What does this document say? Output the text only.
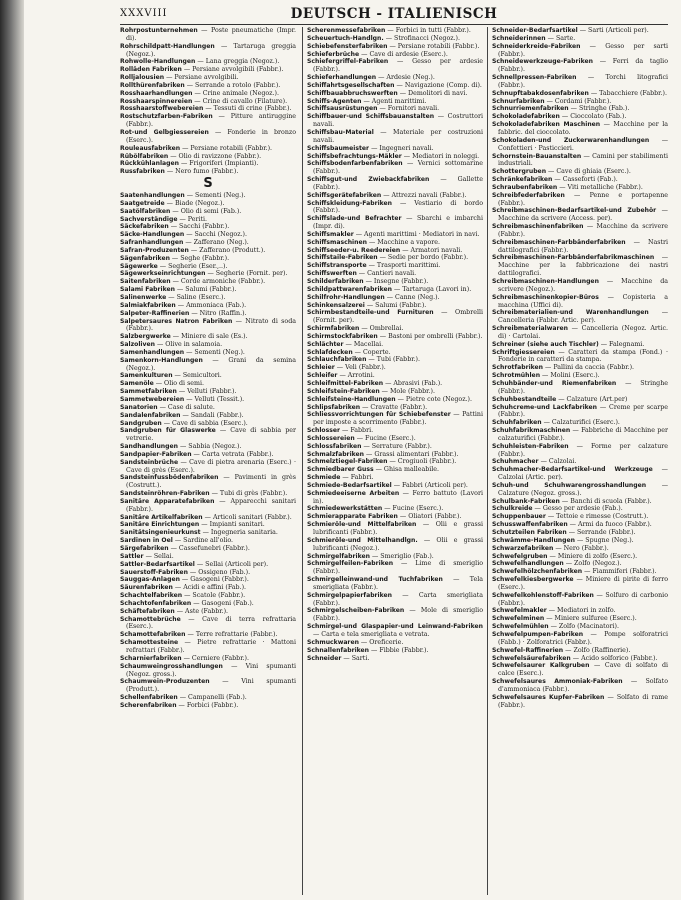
XXXVIII	DEUTSCH - ITALIENISCH
Rohrpostunternehmen — Poste pneumatiche (Impr. di).
Rohrschildpatt-Handlungen — Tartaruga greggia (Negoz.).
Rohwolle-Handlungen — Lana greggia (Negoz.).
Rolläden Fabriken — Persiane avvolgibili (Fabbr.).
Rolljalousien — Persiane avvolgibili.
Rollthürenfabriken — Serrande a rotolo (Fabbr.).
Rosshaarhandlungen — Crine animale (Negoz.).
Rosshaarspinnereien — Crine di cavallo (Filature).
Rosshaarstoffwebereien — Tessuti di crine (Fabbr.).
Rostschutzfarben-Fabriken — Pitture antiruggine (Fabbr.).
Rot-und Gelbgiessereien — Fonderie in bronzo (Eserc.).
Rouleausfabriken — Persiane rotabili (Fabbr.).
Rübölfabriken — Olio di ravizzone (Fabbr.).
Rückkühlanlagen — Frigoriferi (Impianti).
Russfabriken — Nero fumo (Fabbr.).
S
Saatenhandlungen — Sementi (Neg.).
Saatgetreide — Biade (Negoz.).
Saatölfabriken — Olio di semi (Fab.).
Sachverständige — Periti.
Säckefabriken — Sacchi (Fabbr.).
Säcke-Handlungen — Sacchi (Negoz.).
Safranhandlungen — Zafferano (Neg.).
Safran-Produzenten — Zafferano (Produtt.).
Sägenfabriken — Seghe (Fabbr.).
Sägewerke — Segherie (Eser.,..).
Sägewerkseinrichtungen — Segherie (Fornit. per).
Saitenfabriken — Corde armoniche (Fabbr.).
Salami Fabriken — Salumi (Fabbr.).
Salinenwerke — Saline (Eserc.).
Salmiakfabriken — Ammoniaca (Fab.).
Salpeter-Raffinerien — Nitro (Raffin.).
Salpetersaures Natron Fabriken — Nitrato di soda (Fabbr.).
Salzbergwerke — Miniere di sale (Es.).
Salzoliven — Olive in salamoia.
Samenhandlungen — Sementi (Neg.).
Samenkorn-Handlungen — Grani da semina (Negoz.).
Samenkulturen — Semicultori.
Samenöle — Olio di semi.
Sammetfabriken — Velluti (Fabbr.).
Sammetwebereien — Velluti (Tessit.).
Sanatorien — Case di salute.
Sandalenfabriken — Sandali (Fabbr.).
Sandgruben — Cave di sabbia (Eserc.).
Sandgruben für Glaswerke — Cave di sabbia per vetrerie.
Sandhandlungen — Sabbia (Negoz.).
Sandpapier-Fabriken — Carta vetrata (Fabbr.).
Sandsteinbrüche — Cave di pietra arenaria (Eserc.) · Cave di grès (Eserc.).
Sandsteinfussbödenfabriken — Pavimenti in grès (Costrutt.).
Sandsteinröhren-Fabriken — Tubi di grès (Fabbr.).
Sanitäre Apparatefabriken — Apparecchi sanitari (Fabbr.).
Sanitäre Artikelfabriken — Articoli sanitari (Fabbr.).
Sanitäre Einrichtungen — Impianti sanitari.
Sanitätsingenieurkunst — Ingegneria sanitaria.
Sardinen in Oel — Sardine all'olio.
Särgefabriken — Cassefunebri (Fabbr.).
Sattler — Sellai.
Sattler-Bedarfsartikel — Sellai (Articoli per).
Sauerstoff-Fabriken — Ossigeno (Fab.).
Sauggas-Anlagen — Gasogeni (Fabbr.).
Säurenfabriken — Acidi e affini (Fab.).
Schachtelfabriken — Scatole (Fabbr.).
Schachtofenfabriken — Gasogeni (Fab.).
Schäftefabriken — Aste (Fabbr.).
Schamottebrüche — Cave di terra refrattaria (Eserc.).
Schamottefabriken — Terre refrattarie (Fabbr.).
Schamottesteine — Pietre refrattarie · Mattoni refrattari (Fabbr.).
Scharnierfabriken — Cerniere (Fabbr.).
Schaumweingrosshandlungen — Vini spumanti (Negoz. gross.).
Schaumwein-Produzenten — Vini spumanti (Produtt.).
Schellenfabriken — Campanelli (Fab.).
Scherenfabriken — Forbici (Fabbr.).
Scherenmessefabriken — Forbici in tutti (Fabbr.).
Scheuertuch-Handlgn. — Strofinacci (Negoz.).
Schiebefensterfabriken — Persiane rotabili (Fabbr.).
Schieferbrüche — Cave di ardesie (Eserc.).
Schiefergriffel-Fabriken — Gesso per ardesie (Fabbr.).
Schieferhandlungen — Ardesie (Neg.).
Schiffahrtsgesellschaften — Navigazione (Comp. di).
Schiffbauabbruchswerften — Demolitori di navi.
Schiffs-Agenten — Agenti marittimi.
Schiffsausrüstungen — Fornitori navali.
Schiffbauer-und Schiffsbauanstalten — Costruttori navali.
Schiffsbau-Material — Materiale per costruzioni navali.
Schiffsbaumeister — Ingegneri navali.
Schiffsbefrachtungs-Mäkler — Mediatori in noleggi.
Schiffsbodenfarbenfabriken — Vernici sottomarine (Fabbr.).
Schiffsgut-und Zwiebackfabriken — Gallette (Fabbr.).
Schiffsgerätefabriken — Attrezzi navali (Fabbr.).
Schiffskleidung-Fabriken — Vestiario di bordo (Fabbr.).
Schiffslade-und Befrachter — Sbarchi e imbarchi (Impr. di).
Schiffsmakler — Agenti marittimi · Mediatori in navi.
Schiffsmaschinen — Macchine a vapore.
Schiffseeder-u. Reedereien — Armatori navali.
Schiffstaile-Fabriken — Sedie per bordo (Fabbr.).
Schiffstransporte — Trasporti marittimi.
Schiffswerften — Cantieri navali.
Schilderfabriken — Insegne (Fabbr.).
Schildpattwarenfabriken — Tartaruga (Lavori in).
Schilfrohr-Handlungen — Canne (Neg.).
Schinkensalzerei — Salumi (Fabbr.).
Schirmbestandteile-und Furnituren — Ombrelli (Fornit. per).
Schirmfabriken — Ombrellai.
Schirmstockfabriken — Bastoni per ombrelli (Fabbr.).
Schlächter — Macellai.
Schlafdecken — Coperte.
Schlauchfabriken — Tubi (Fabbr.).
Schleier — Veli (Fabbr.).
Schleifer — Arrotini.
Schleifmittel-Fabriken — Abrasivi (Fab.).
Schleifstein-Fabriken — Mole (Fabbr.).
Schleifsteine-Handlungen — Pietre cote (Negoz.).
Schlipsfabriken — Cravatte (Fabbr.).
Schliessvorrichtungen für Schiebefenster — Pattini per imposte a scorrimento (Fabbr.).
Schlosser — Fabbri.
Schlossereien — Fucine (Eserc.).
Schlossfabriken — Serrature (Fabbr.).
Schmalzfabriken — Grassi alimentari (Fabbr.).
Schmelztiegel-Fabriken — Crogiuoli (Fabbr.).
Schmiedbarer Guss — Ghisa malleabile.
Schmiede — Fabbri.
Schmiede-Bedarfsartikel — Fabbri (Articoli per).
Schmiedeeiserne Arbeiten — Ferro battuto (Lavori in).
Schmiedewerkstätten — Fucine (Eserc.).
Schmierapparate Fabriken — Oliatori (Fabbr.).
Schmieröle-und Mittelfabriken — Olii e grassi lubrificanti (Fabbr.).
Schmieröle-und Mittelhandlgn. — Olii e grassi lubrificanti (Negoz.).
Schmirgelfabriken — Smeriglio (Fab.).
Schmirgelfeilen-Fabriken — Lime di smeriglio (Fabbr.).
Schmirgelleinwand-und Tuchfabriken — Tela smerigliata (Fabbr.).
Schmirgelpapierfabriken — Carta smerigliata (Fabbr.).
Schmirgelscheiben-Fabriken — Mole di smeriglio (Fabbr.).
Schmirgel-und Glaspapier-und Leinwand-Fabriken — Carta e tela smerigliata e vetrata.
Schmuckwaren — Oreficerie.
Schnallenfabriken — Fibbie (Fabbr.).
Schneider — Sarti.
Schneider-Bedarfsartikel — Sarti (Articoli per).
Schneiderinnen — Sarte.
Schneiderkreide-Fabriken — Gesso per sarti (Fabbr.).
Schneidewerkzeuge-Fabriken — Ferri da taglio (Fabbr.).
Schnellpressen-Fabriken — Torchi litografici (Fabbr.).
Schnupftabakdosenfabriken — Tabacchiere (Fabbr.).
Schnurfabriken — Cordami (Fabbr.).
Schnurriemenfabriken — Stringhe (Fab.).
Schokoladefabriken — Cioccolato (Fab.).
Schokoladefabriken Maschinen — Macchine per la fabbric. del cioccolato.
Schokoladen-und Zuckerwarenhandlungen — Confettieri · Pasticcieri.
Schornstein-Bauanstalten — Camini per stabilimenti industriali.
Schottergruben — Cave di ghiaia (Eserc.).
Schränkefabriken — Casseforti (Fab.).
Schraubenfabriken — Viti metalliche (Fabbr.).
Schreibfederfabriken — Penne e portapenne (Fabbr.).
Schreibmaschinen-Bedarfsartikel-und Zubehör — Macchine da scrivere (Access. per).
Schreibmaschinenfabriken — Macchine da scrivere (Fabbr.).
Schreibmaschinen-Farbbänderfabriken — Nastri dattilografici (Fabbr.).
Schreibmaschinen-Farbbänderfabrikmaschinen — Macchine per la fabbricazione dei nastri dattilografici.
Schreibmaschinen-Handlungen — Macchine da scrivere (Negoz.).
Schreibmaschinenkopier-Büros — Copisteria a macchina (Uffici di).
Schreibmaterialien-und Warenhandlungen — Cancelleria (Fabbr. Artic. per).
Schreibmaterialwaren — Cancelleria (Negoz. Artic. di) · Cartolai.
Schreiner (siehe auch Tischler) — Falegnami.
Schriftgiessereien — Caratteri da stampa (Fond.) · Fonderie in caratteri da stampa.
Schrotfabriken — Pallini da caccia (Fabbr.).
Schrotmühlen — Molini (Eserc.).
Schuhbänder-und Riemenfabriken — Stringhe (Fabbr.).
Schuhbestandteile — Calzature (Art.per)
Schuhcreme-und Lackfabriken — Creme per scarpe (Fabbr.).
Schuhfabriken — Calzaturifici (Eserc.).
Schuhfabrikmaschinen — Fabbriche di Macchine per calzaturifici (Fabbr.).
Schuhleisten-Fabriken — Forme per calzature (Fabbr.).
Schuhmacher — Calzolai.
Schuhmacher-Bedarfsartikel-und Werkzeuge — Calzolai (Artic. per).
Schuh-und Schuhwarengrosshandlungen — Calzature (Negoz. gross.).
Schulbank-Fabriken — Banchi di scuola (Fabbr.).
Schulkreide — Gesso per ardesie (Fab.).
Schuppenbauer — Tettoie e rimesse (Costrutt.).
Schusswaffenfabriken — Armi da fuoco (Fabbr.).
Schutzteilen Fabriken — Serrande (Fabbr.).
Schwämme-Handlungen — Spugne (Neg.).
Schwarzefabriken — Nero (Fabbr.).
Schwefelgruben — Miniere di zolfo (Eserc.).
Schwefelhandlungen — Zolfo (Negoz.).
Schwefelhölzchenfabriken — Fiammiferi (Fabbr.).
Schwefelkiesbergwerke — Miniere di pirite di ferro (Eserc.).
Schwefelkohlenstoff-Fabriken — Solfuro di carbonio (Fabbr.).
Schwefelmakler — Mediatori in zolfo.
Schwefelminen — Miniere sulfuree (Eserc.).
Schwefelmühlen — Zolfo (Macinatori).
Schwefelpumpen-Fabriken — Pompe solforatrici (Fabb.) · Zolforatrici (Fabbr.).
Schwefel-Raffinerien — Zolfo (Raffinerie).
Schwefelsäurefabriken — Acido solforico (Fabbr.).
Schwefelsaurer Kalkgruben — Cave di solfato di calce (Eserc.).
Schwefelsaures Ammoniak-Fabriken — Solfato d'ammoniaca (Fabbr.).
Schwefelsaures Kupfer-Fabriken — Solfato di rame (Fabbr.).
